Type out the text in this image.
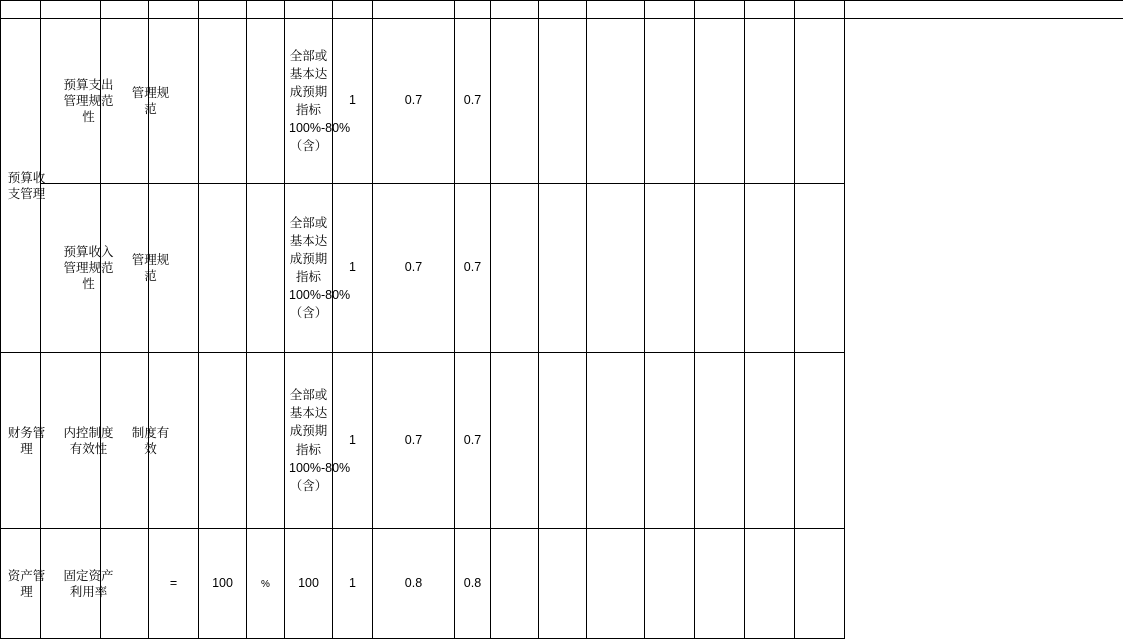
预算收支管理	预算支出管理规范性	管理规范				全部或基本达成预期指标100%-80%（含）	1	0.7	0.7								

	预算收入管理规范性	管理规范				全部或基本达成预期指标100%-80%（含）	1	0.7	0.7								

财务管理	内控制度有效性	制度有效				全部或基本达成预期指标100%-80%（含）	1	0.7	0.7								

资产管理	固定资产利用率		=	100	%	100	1	0.8	0.8								
